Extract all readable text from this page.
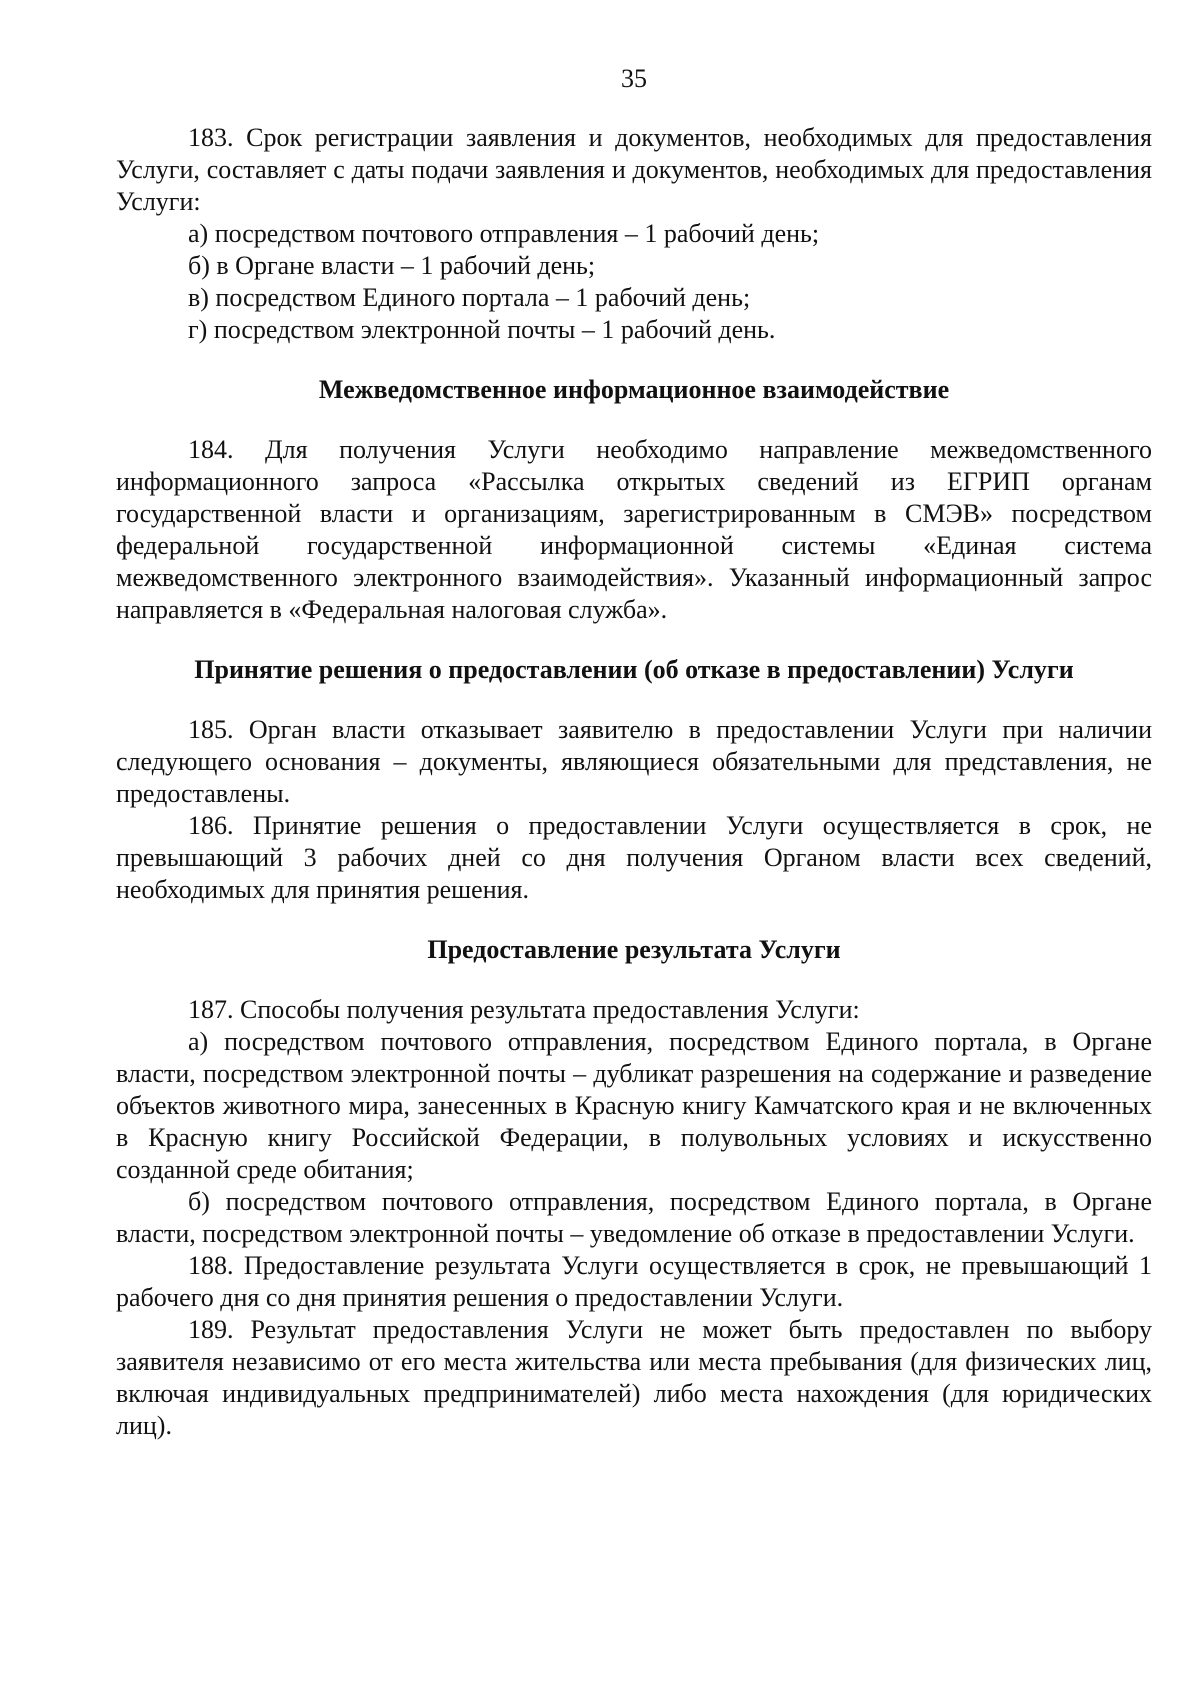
35

183. Срок регистрации заявления и документов, необходимых для предоставления Услуги, составляет с даты подачи заявления и документов, необходимых для предоставления Услуги:

а) посредством почтового отправления – 1 рабочий день;

б) в Органе власти – 1 рабочий день;

в) посредством Единого портала – 1 рабочий день;

г) посредством электронной почты – 1 рабочий день.

Межведомственное информационное взаимодействие

184. Для получения Услуги необходимо направление межведомственного информационного запроса «Рассылка открытых сведений из ЕГРИП органам государственной власти и организациям, зарегистрированным в СМЭВ» посредством федеральной государственной информационной системы «Единая система межведомственного электронного взаимодействия». Указанный информационный запрос направляется в «Федеральная налоговая служба».

Принятие решения о предоставлении (об отказе в предоставлении) Услуги

185. Орган власти отказывает заявителю в предоставлении Услуги при наличии следующего основания – документы, являющиеся обязательными для представления, не предоставлены.

186. Принятие решения о предоставлении Услуги осуществляется в срок, не превышающий 3 рабочих дней со дня получения Органом власти всех сведений, необходимых для принятия решения.

Предоставление результата Услуги

187. Способы получения результата предоставления Услуги:

а) посредством почтового отправления, посредством Единого портала, в Органе власти, посредством электронной почты – дубликат разрешения на содержание и разведение объектов животного мира, занесенных в Красную книгу Камчатского края и не включенных в Красную книгу Российской Федерации, в полувольных условиях и искусственно созданной среде обитания;

б) посредством почтового отправления, посредством Единого портала, в Органе власти, посредством электронной почты – уведомление об отказе в предоставлении Услуги.

188. Предоставление результата Услуги осуществляется в срок, не превышающий 1 рабочего дня со дня принятия решения о предоставлении Услуги.

189. Результат предоставления Услуги не может быть предоставлен по выбору заявителя независимо от его места жительства или места пребывания (для физических лиц, включая индивидуальных предпринимателей) либо места нахождения (для юридических лиц).
